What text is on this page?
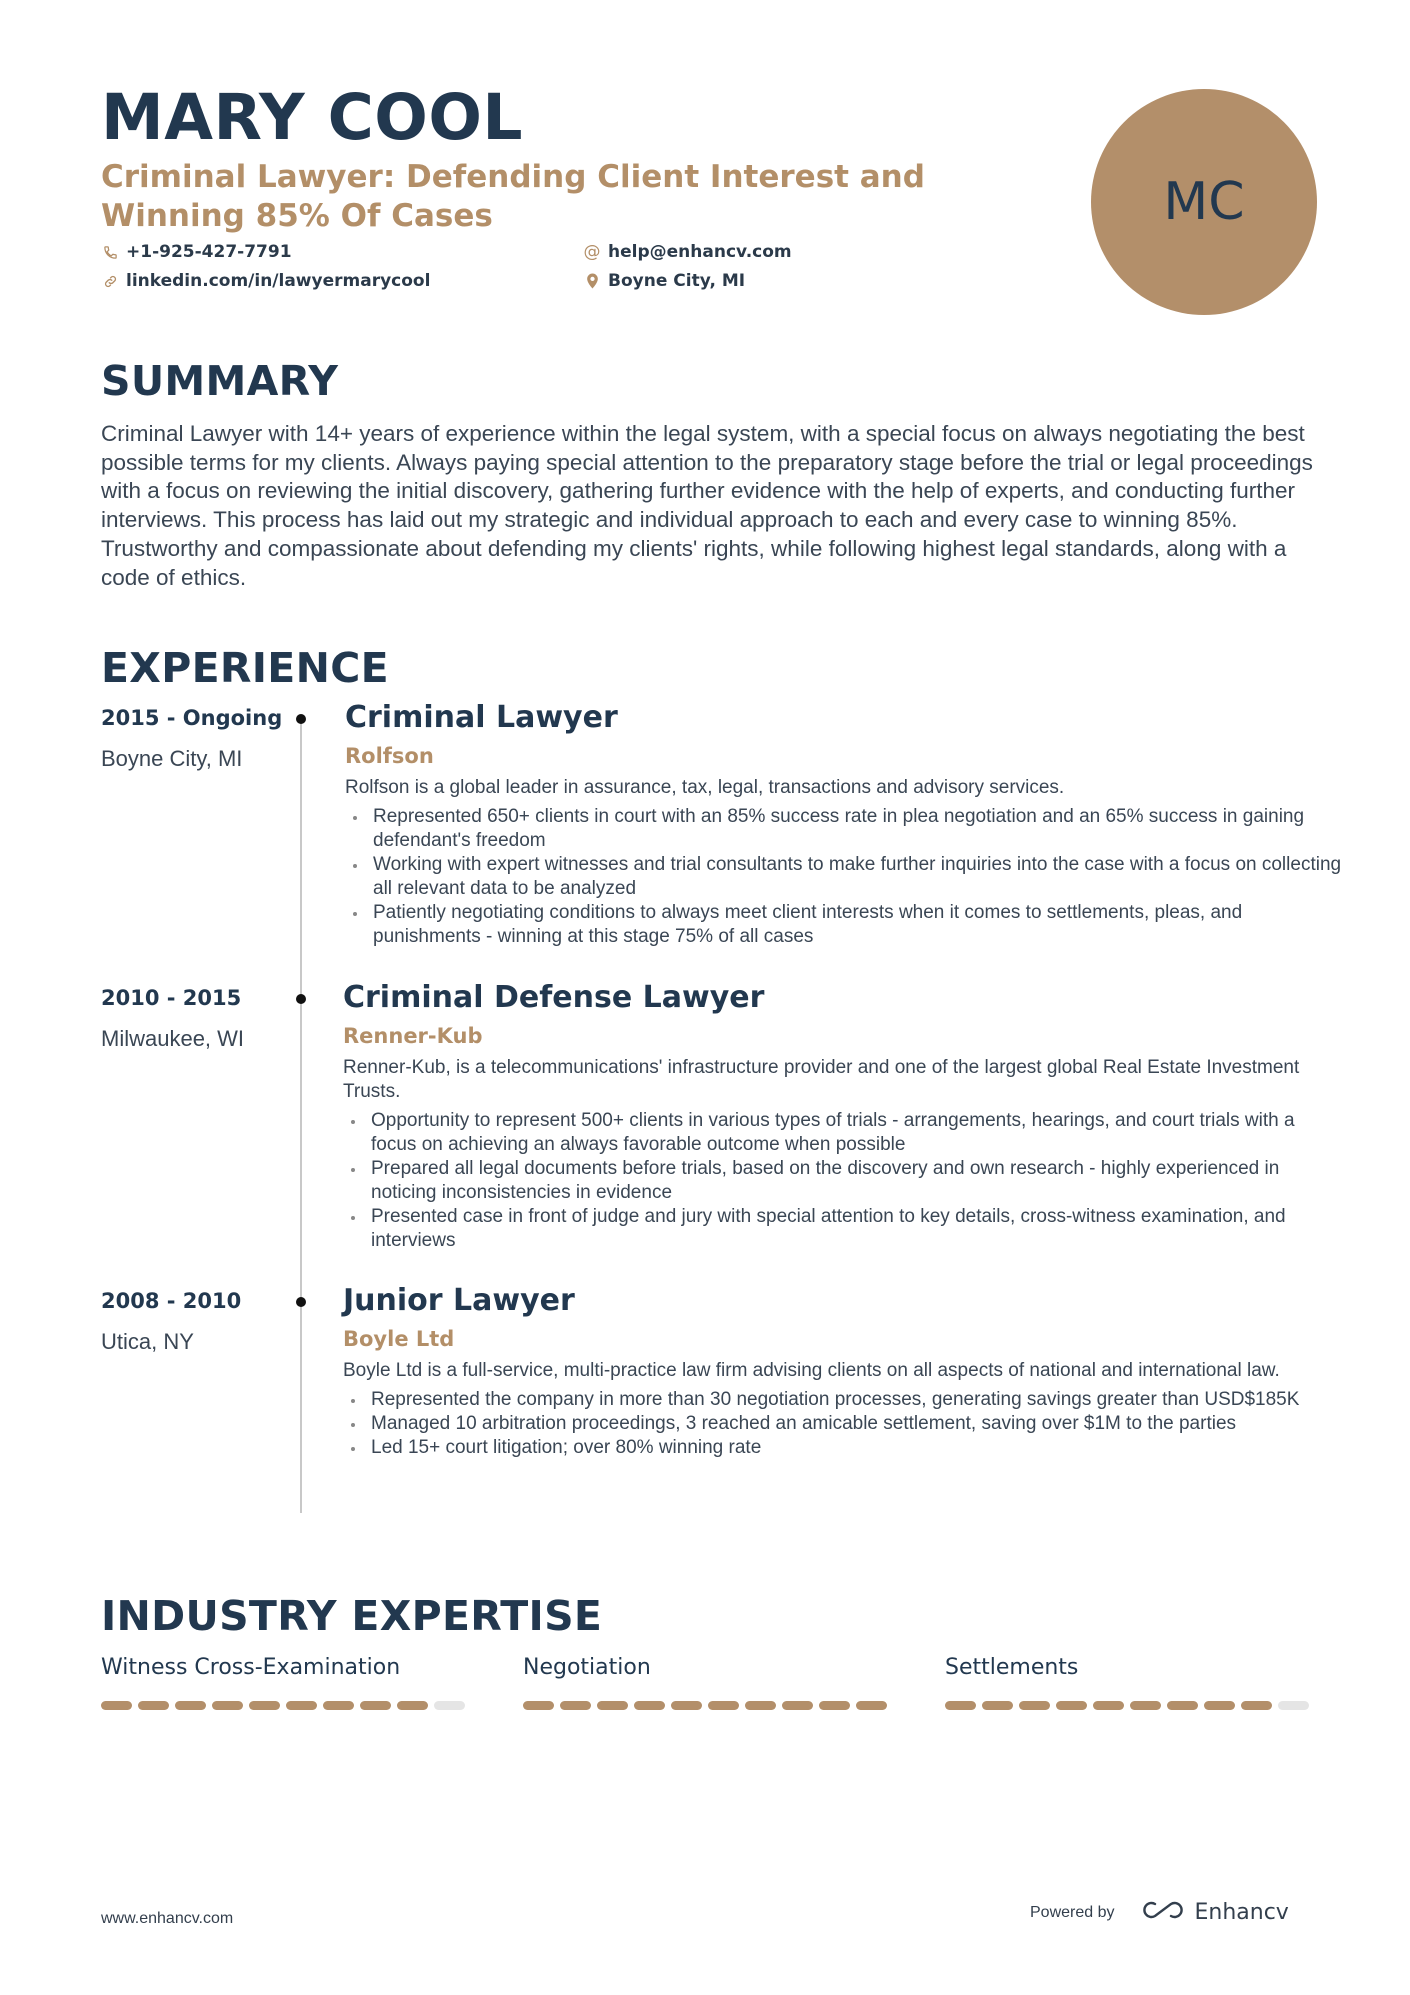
MARY COOL
Criminal Lawyer: Defending Client Interest and Winning 85% Of Cases
+1-925-427-7791	@ help@enhancv.com
linkedin.com/in/lawyermarycool	Boyne City, MI
MC
SUMMARY

Criminal Lawyer with 14+ years of experience within the legal system, with a special focus on always negotiating the best possible terms for my clients. Always paying special attention to the preparatory stage before the trial or legal proceedings with a focus on reviewing the initial discovery, gathering further evidence with the help of experts, and conducting further interviews. This process has laid out my strategic and individual approach to each and every case to winning 85%. Trustworthy and compassionate about defending my clients' rights, while following highest legal standards, along with a code of ethics.

EXPERIENCE
2015 - Ongoing
Boyne City, MI
Criminal Lawyer
Rolfson
Rolfson is a global leader in assurance, tax, legal, transactions and advisory services.
Represented 650+ clients in court with an 85% success rate in plea negotiation and an 65% success in gaining defendant's freedom
Working with expert witnesses and trial consultants to make further inquiries into the case with a focus on collecting all relevant data to be analyzed
Patiently negotiating conditions to always meet client interests when it comes to settlements, pleas, and punishments - winning at this stage 75% of all cases
2010 - 2015
Milwaukee, WI
Criminal Defense Lawyer
Renner-Kub
Renner-Kub, is a telecommunications' infrastructure provider and one of the largest global Real Estate Investment Trusts.
Opportunity to represent 500+ clients in various types of trials - arrangements, hearings, and court trials with a focus on achieving an always favorable outcome when possible
Prepared all legal documents before trials, based on the discovery and own research - highly experienced in noticing inconsistencies in evidence
Presented case in front of judge and jury with special attention to key details, cross-witness examination, and interviews
2008 - 2010
Utica, NY
Junior Lawyer
Boyle Ltd
Boyle Ltd is a full-service, multi-practice law firm advising clients on all aspects of national and international law.
Represented the company in more than 30 negotiation processes, generating savings greater than USD$185K
Managed 10 arbitration proceedings, 3 reached an amicable settlement, saving over $1M to the parties
Led 15+ court litigation; over 80% winning rate
INDUSTRY EXPERTISE
Witness Cross-Examination	Negotiation	Settlements
www.enhancv.com	Powered by	Enhancv
